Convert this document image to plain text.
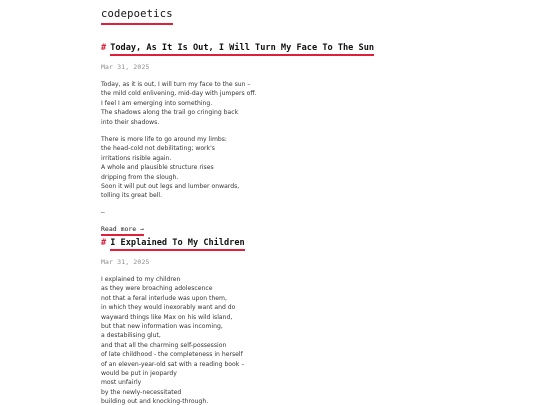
codepoetics
# Today, As It Is Out, I Will Turn My Face To The Sun
Mar 31, 2025
Today, as it is out, I will turn my face to the sun –
the mild cold enlivening, mid-day with jumpers off.
I feel I am emerging into something.
The shadows along the trail go cringing back
into their shadows.
There is more life to go around my limbs:
the head-cold not debilitating; work's
irritations risible again.
A whole and plausible structure rises
dripping from the slough.
Soon it will put out legs and lumber onwards,
tolling its great bell.
…
Read more →
# I Explained To My Children
Mar 31, 2025
I explained to my children
as they were broaching adolescence
not that a feral interlude was upon them,
in which they would inexorably want and do
wayward things like Max on his wild island,
but that new information was incoming,
a destabilising glut,
and that all the charming self-possession
of late childhood - the completeness in herself
of an eleven-year-old sat with a reading book –
would be put in jeopardy
most unfairly
by the newly-necessitated
building out and knocking-through.
